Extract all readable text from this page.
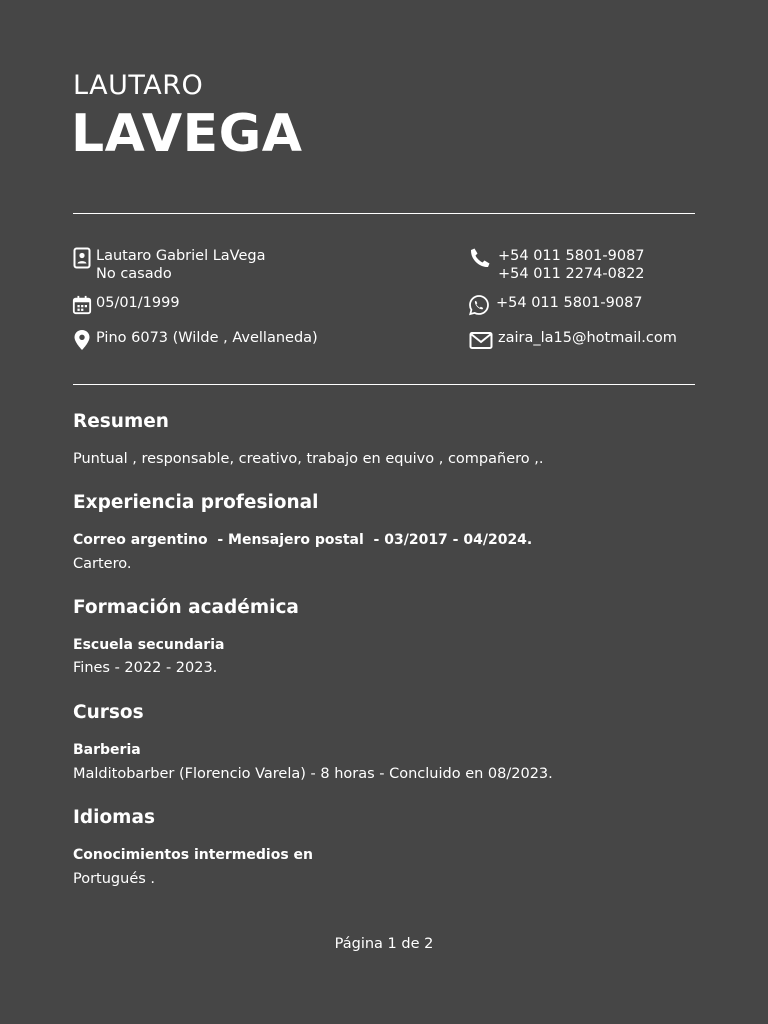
LAUTARO
LAVEGA
Lautaro Gabriel LaVega
No casado
05/01/1999
Pino 6073 (Wilde , Avellaneda)
+54 011 5801-9087
+54 011 2274-0822
+54 011 5801-9087
zaira_la15@hotmail.com
Resumen
Puntual , responsable, creativo, trabajo en equivo , compañero ,.
Experiencia profesional
Correo argentino  - Mensajero postal  - 03/2017 - 04/2024.
Cartero.
Formación académica
Escuela secundaria
Fines - 2022 - 2023.
Cursos
Barberia
Malditobarber (Florencio Varela) - 8 horas - Concluido en 08/2023.
Idiomas
Conocimientos intermedios en
Portugués .
Página 1 de 2
